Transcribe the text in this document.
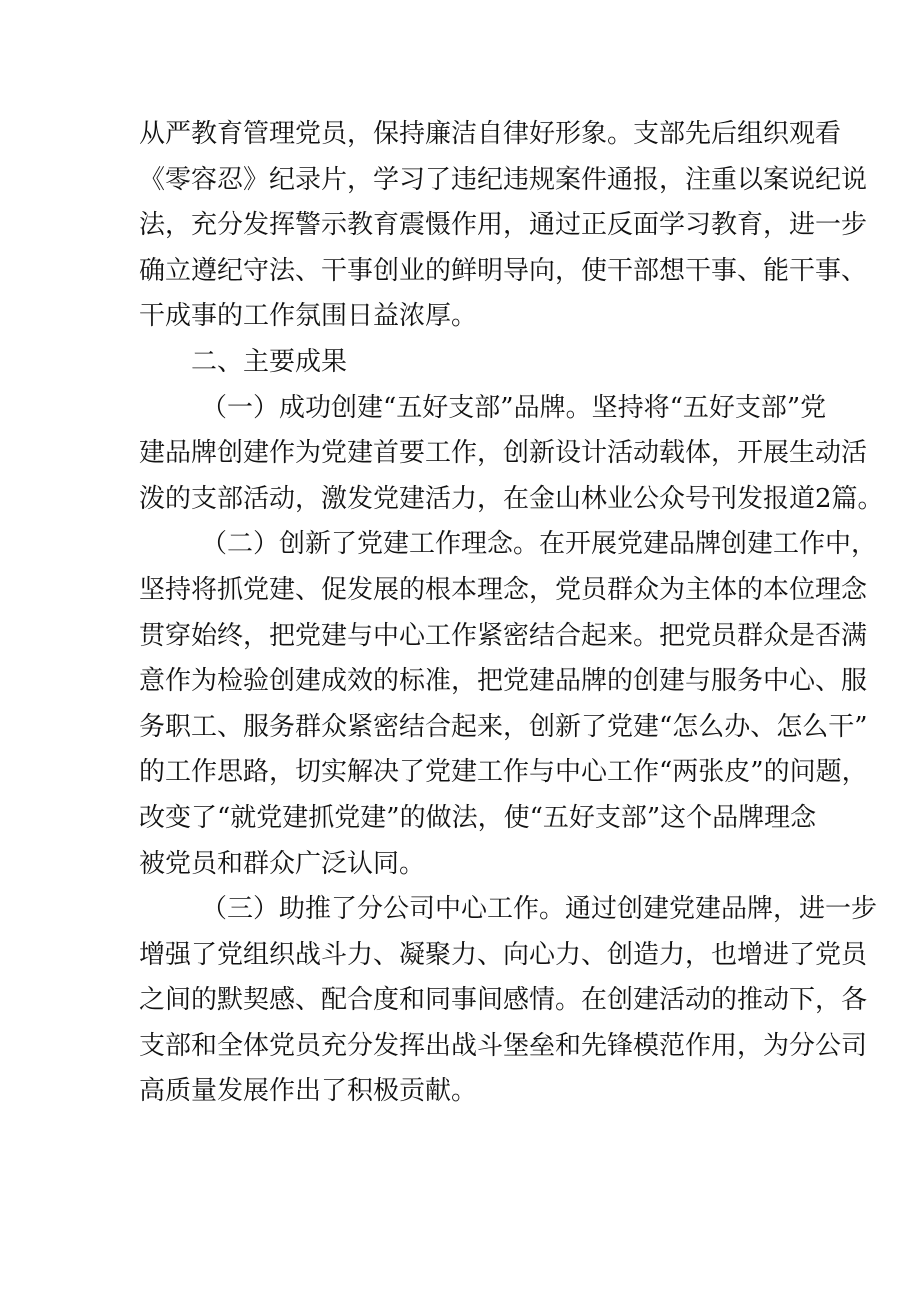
从严教育管理党员，保持廉洁自律好形象。支部先后组织观看
《零容忍》纪录片，学习了违纪违规案件通报，注重以案说纪说
法，充分发挥警示教育震慑作用，通过正反面学习教育，进一步
确立遵纪守法、干事创业的鲜明导向，使干部想干事、能干事、
干成事的工作氛围日益浓厚。
二、主要成果
（一）成功创建“五好支部”品牌。坚持将“五好支部”党
建品牌创建作为党建首要工作，创新设计活动载体，开展生动活
泼的支部活动，激发党建活力，在金山林业公众号刊发报道2篇。
（二）创新了党建工作理念。在开展党建品牌创建工作中，
坚持将抓党建、促发展的根本理念，党员群众为主体的本位理念
贯穿始终，把党建与中心工作紧密结合起来。把党员群众是否满
意作为检验创建成效的标准，把党建品牌的创建与服务中心、服
务职工、服务群众紧密结合起来，创新了党建“怎么办、怎么干”
的工作思路，切实解决了党建工作与中心工作“两张皮”的问题，
改变了“就党建抓党建”的做法，使“五好支部”这个品牌理念
被党员和群众广泛认同。
（三）助推了分公司中心工作。通过创建党建品牌，进一步
增强了党组织战斗力、凝聚力、向心力、创造力，也增进了党员
之间的默契感、配合度和同事间感情。在创建活动的推动下，各
支部和全体党员充分发挥出战斗堡垒和先锋模范作用，为分公司
高质量发展作出了积极贡献。
